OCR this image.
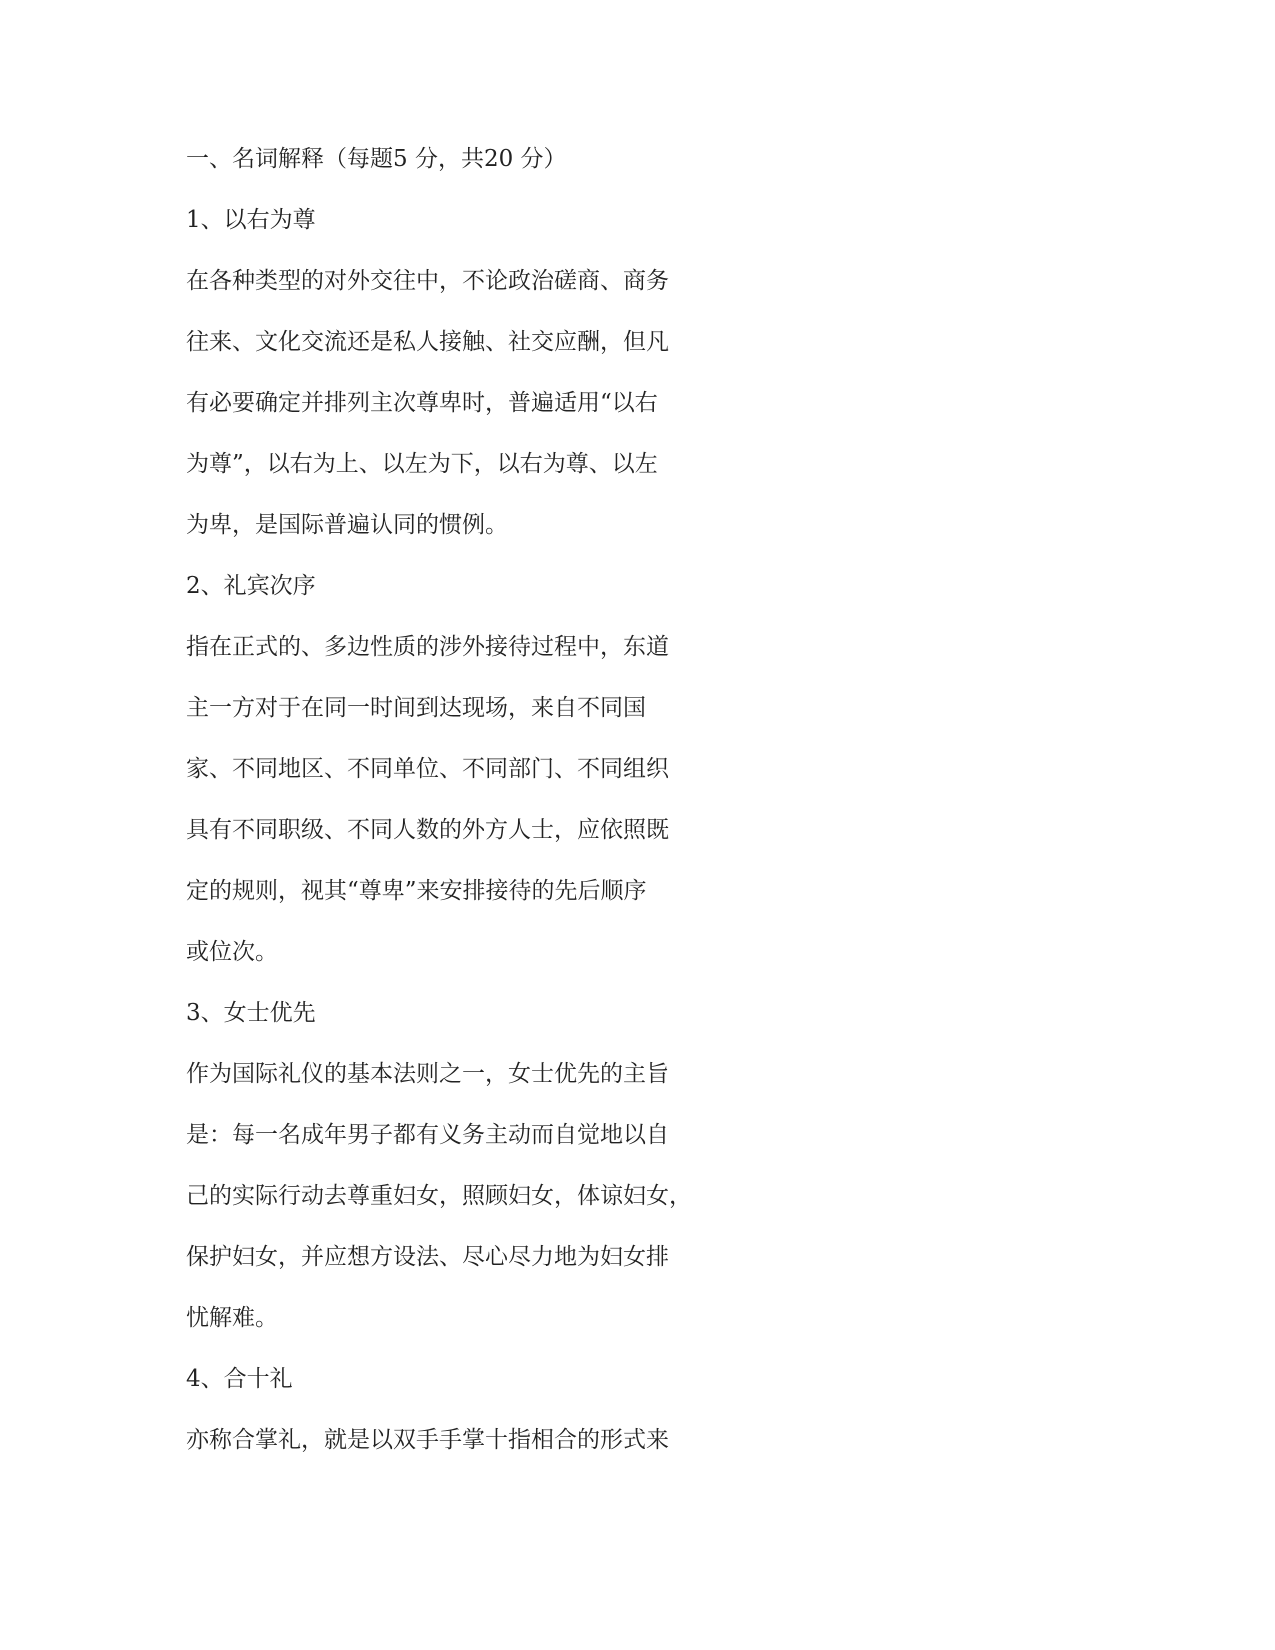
一、名词解释（每题5 分，共20 分）
1、以右为尊
在各种类型的对外交往中，不论政治磋商、商务
往来、文化交流还是私人接触、社交应酬，但凡
有必要确定并排列主次尊卑时，普遍适用“以右
为尊”，以右为上、以左为下，以右为尊、以左
为卑，是国际普遍认同的惯例。
2、礼宾次序
指在正式的、多边性质的涉外接待过程中，东道
主一方对于在同一时间到达现场，来自不同国
家、不同地区、不同单位、不同部门、不同组织
具有不同职级、不同人数的外方人士，应依照既
定的规则，视其“尊卑”来安排接待的先后顺序
或位次。
3、女士优先
作为国际礼仪的基本法则之一，女士优先的主旨
是：每一名成年男子都有义务主动而自觉地以自
己的实际行动去尊重妇女，照顾妇女，体谅妇女，
保护妇女，并应想方设法、尽心尽力地为妇女排
忧解难。
4、合十礼
亦称合掌礼，就是以双手手掌十指相合的形式来
